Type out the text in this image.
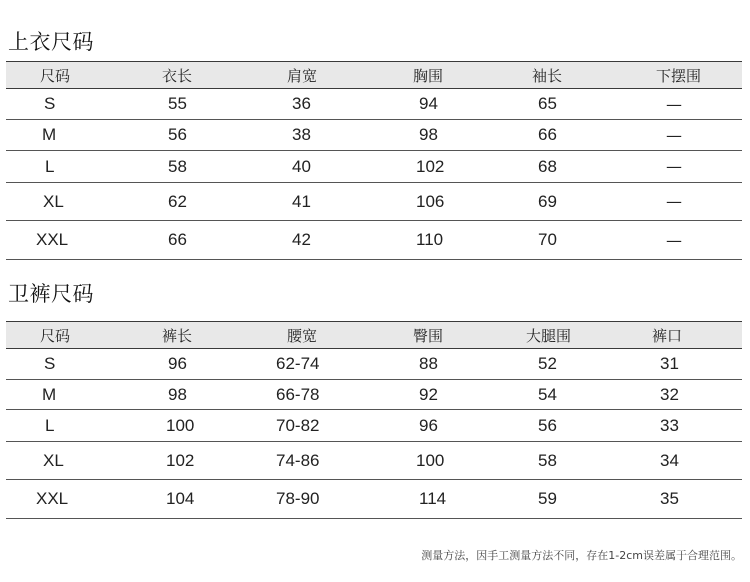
上衣尺码
尺码	衣长	肩宽	胸围	袖长	下摆围
S	55	36	94	65	—
M	56	38	98	66	—
L	58	40	102	68	—
XL	62	41	106	69	—
XXL	66	42	110	70	—
卫裤尺码
尺码	裤长	腰宽	臀围	大腿围	裤口
S	96	62-74	88	52	31
M	98	66-78	92	54	32
L	100	70-82	96	56	33
XL	102	74-86	100	58	34
XXL	104	78-90	114	59	35

测量方法，因手工测量方法不同，存在1-2cm误差属于合理范围。
